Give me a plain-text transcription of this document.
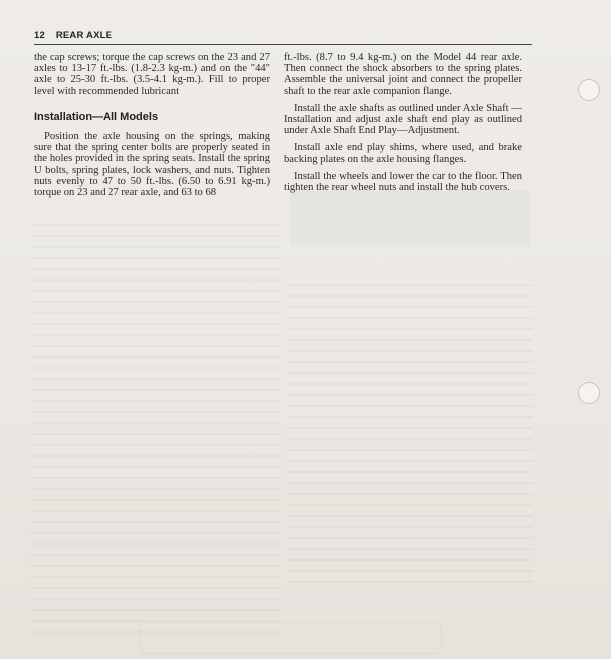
12 REAR AXLE

the cap screws; torque the cap screws on the 23 and 27 axles to 13-17 ft.-lbs. (1.8-2.3 kg-m.) and on the "44" axle to 25-30 ft.-lbs. (3.5-4.1 kg-m.). Fill to proper level with recommended lubricant

Installation—All Models

Position the axle housing on the springs, making sure that the spring center bolts are properly seated in the holes provided in the spring seats. Install the spring U bolts, spring plates, lock washers, and nuts. Tighten nuts evenly to 47 to 50 ft.-lbs. (6.50 to 6.91 kg-m.) torque on 23 and 27 rear axle, and 63 to 68

ft.-lbs. (8.7 to 9.4 kg-m.) on the Model 44 rear axle. Then connect the shock absorbers to the spring plates. Assemble the universal joint and connect the propeller shaft to the rear axle companion flange.

Install the axle shafts as outlined under Axle Shaft —Installation and adjust axle shaft end play as outlined under Axle Shaft End Play—Adjustment.

Install axle end play shims, where used, and brake backing plates on the axle housing flanges.

Install the wheels and lower the car to the floor. Then tighten the rear wheel nuts and install the hub covers.
